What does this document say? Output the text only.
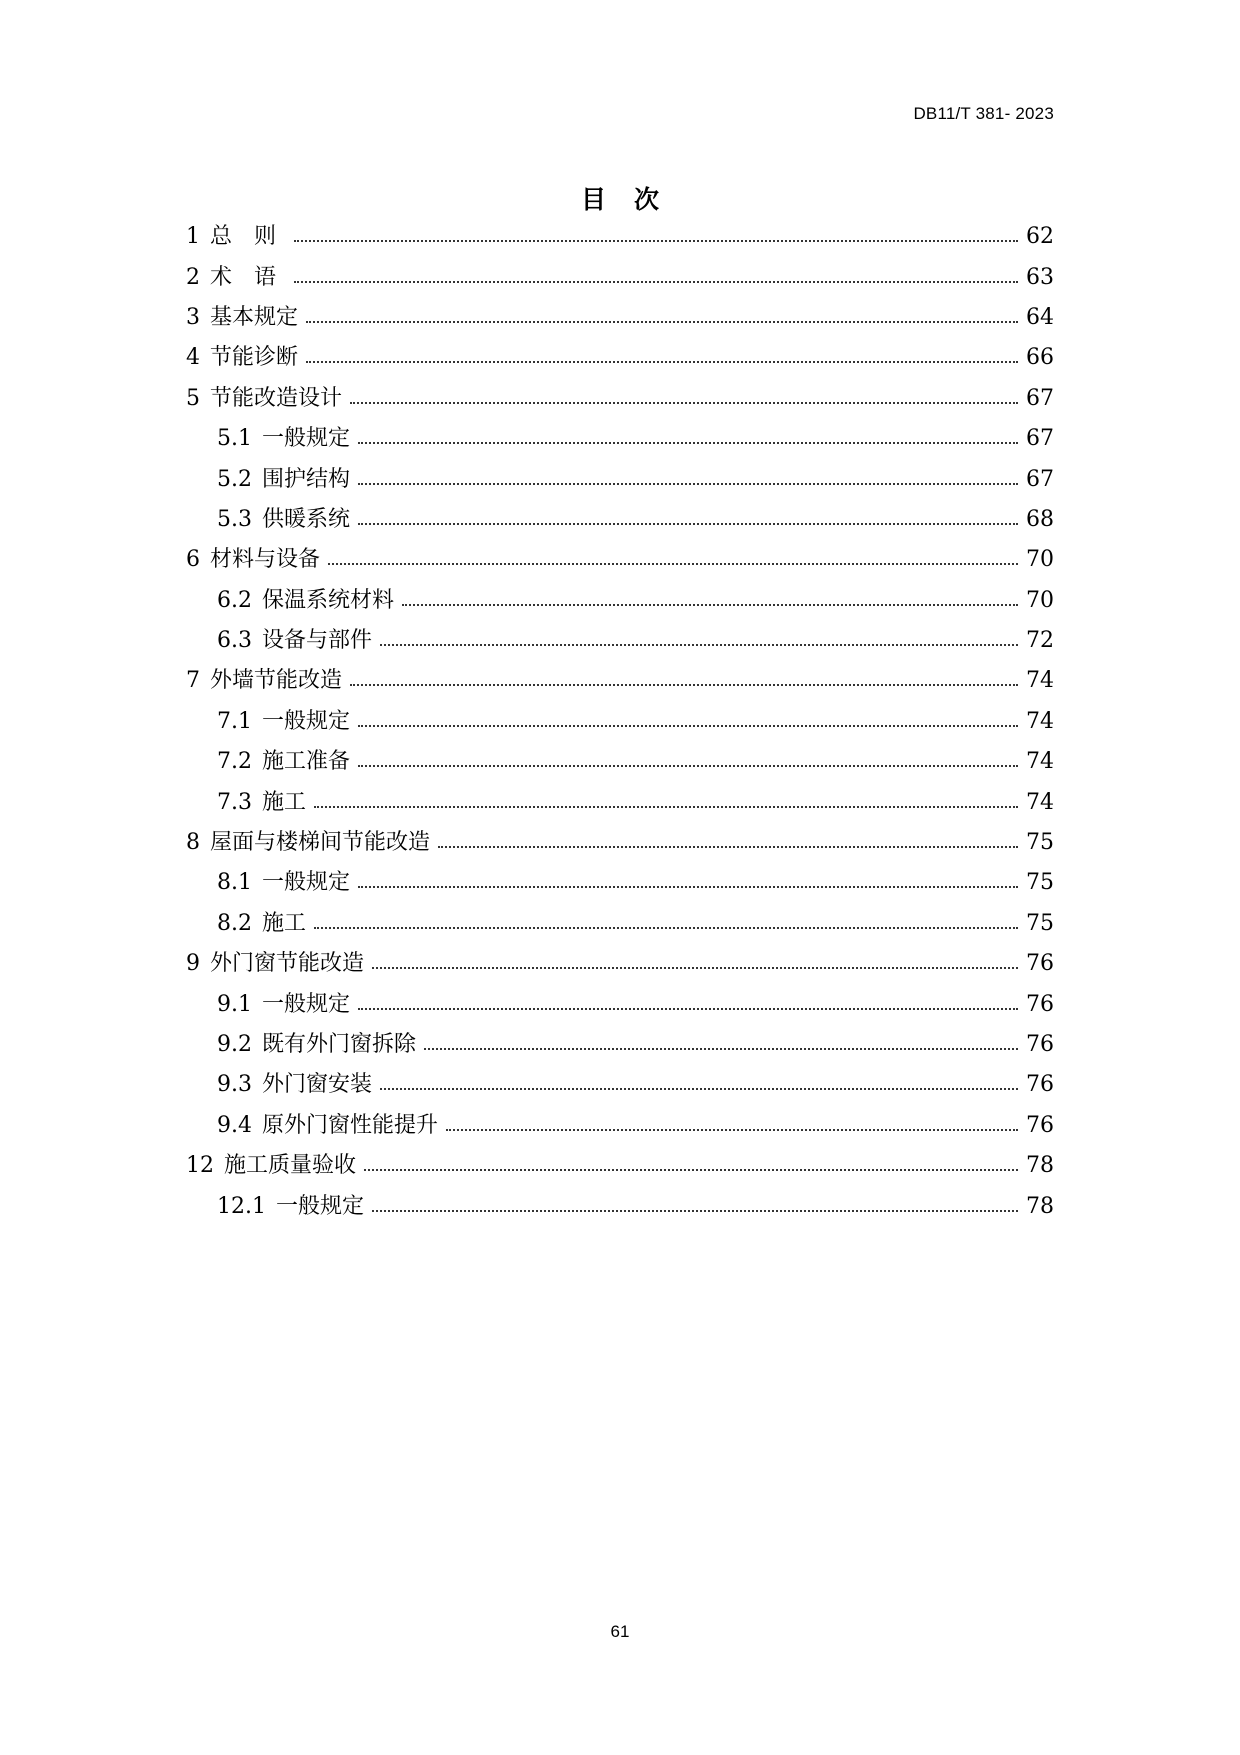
DB11/T 381- 2023
目次
1 总则	62
2 术语	63
3 基本规定	64
4 节能诊断	66
5 节能改造设计	67
5.1 一般规定	67
5.2 围护结构	67
5.3 供暖系统	68
6 材料与设备	70
6.2 保温系统材料	70
6.3 设备与部件	72
7 外墙节能改造	74
7.1 一般规定	74
7.2 施工准备	74
7.3 施工	74
8 屋面与楼梯间节能改造	75
8.1 一般规定	75
8.2 施工	75
9 外门窗节能改造	76
9.1 一般规定	76
9.2 既有外门窗拆除	76
9.3 外门窗安装	76
9.4 原外门窗性能提升	76
12 施工质量验收	78
12.1 一般规定	78
61
